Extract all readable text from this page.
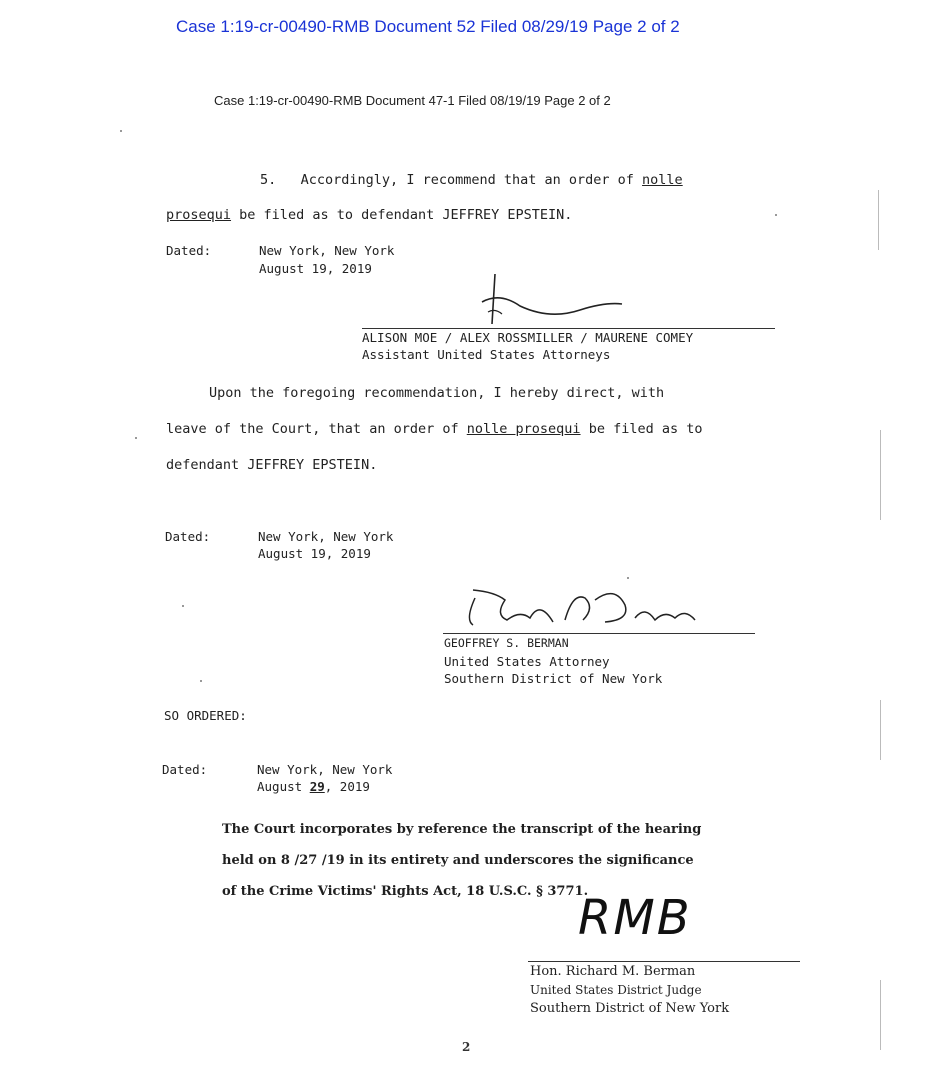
Case 1:19-cr-00490-RMB Document 52 Filed 08/29/19 Page 2 of 2
Case 1:19-cr-00490-RMB Document 47-1 Filed 08/19/19 Page 2 of 2
5. Accordingly, I recommend that an order of nolle
prosequi be filed as to defendant JEFFREY EPSTEIN.
Dated:	New York, New York
August 19, 2019
ALISON MOE / ALEX ROSSMILLER / MAURENE COMEY
Assistant United States Attorneys
Upon the foregoing recommendation, I hereby direct, with
leave of the Court, that an order of nolle prosequi be filed as to
defendant JEFFREY EPSTEIN.
Dated:	New York, New York
August 19, 2019
GEOFFREY S. BERMAN
United States Attorney
Southern District of New York
SO ORDERED:
Dated:	New York, New York
August 29, 2019
The Court incorporates by reference the transcript of the hearing
held on 8 /27 /19 in its entirety and underscores the significance
of the Crime Victims' Rights Act, 18 U.S.C. § 3771.
RMB
Hon. Richard M. Berman
United States District Judge
Southern District of New York
2
